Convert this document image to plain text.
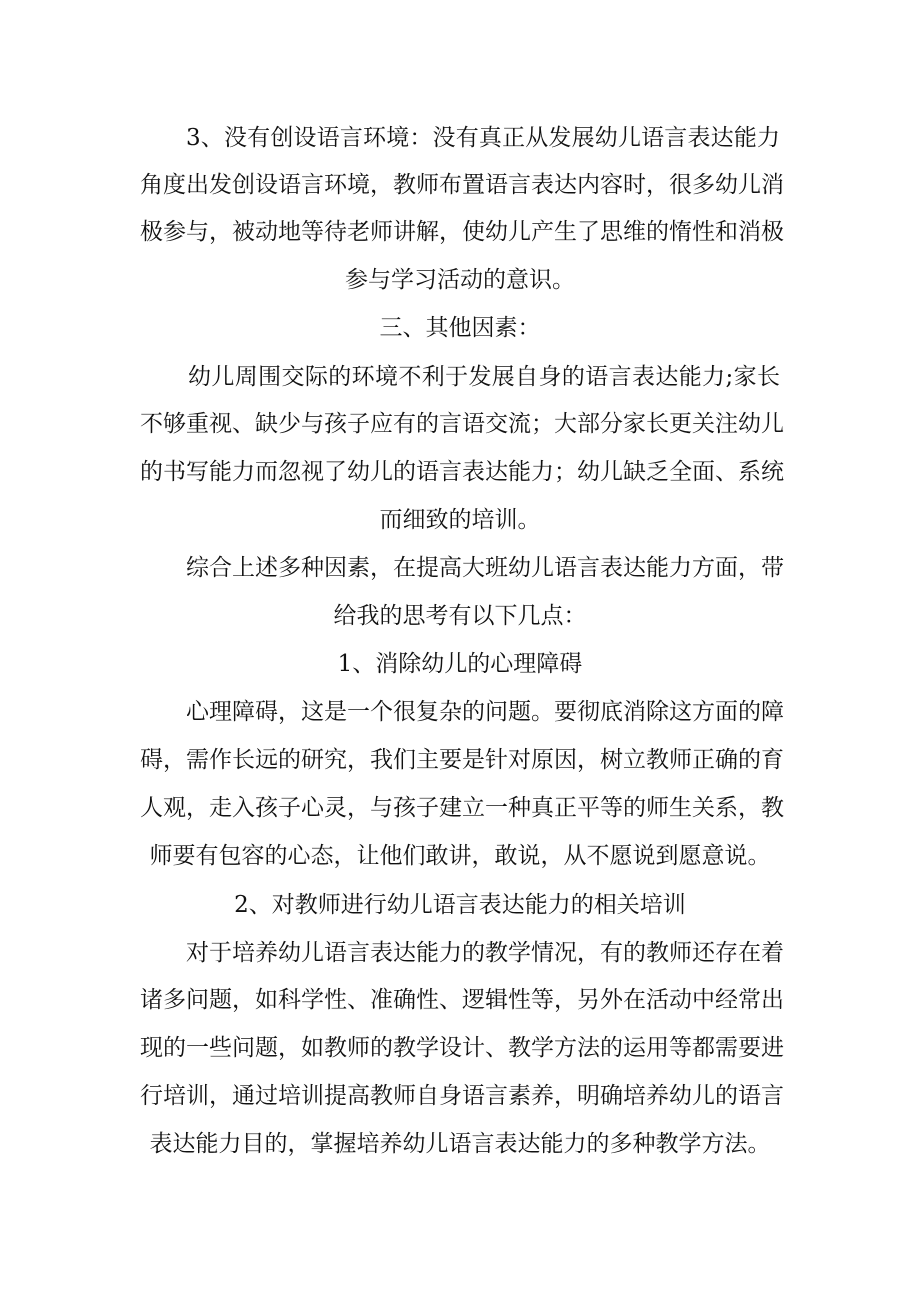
3、没有创设语言环境：没有真正从发展幼儿语言表达能力
角度出发创设语言环境，教师布置语言表达内容时，很多幼儿消
极参与，被动地等待老师讲解，使幼儿产生了思维的惰性和消极
参与学习活动的意识。
三、其他因素：
幼儿周围交际的环境不利于发展自身的语言表达能力;家长
不够重视、缺少与孩子应有的言语交流；大部分家长更关注幼儿
的书写能力而忽视了幼儿的语言表达能力；幼儿缺乏全面、系统
而细致的培训。
综合上述多种因素，在提高大班幼儿语言表达能力方面，带
给我的思考有以下几点：
1、消除幼儿的心理障碍
心理障碍，这是一个很复杂的问题。要彻底消除这方面的障
碍，需作长远的研究，我们主要是针对原因，树立教师正确的育
人观，走入孩子心灵，与孩子建立一种真正平等的师生关系，教
师要有包容的心态，让他们敢讲，敢说，从不愿说到愿意说。
2、对教师进行幼儿语言表达能力的相关培训
对于培养幼儿语言表达能力的教学情况，有的教师还存在着
诸多问题，如科学性、准确性、逻辑性等，另外在活动中经常出
现的一些问题，如教师的教学设计、教学方法的运用等都需要进
行培训，通过培训提高教师自身语言素养，明确培养幼儿的语言
表达能力目的，掌握培养幼儿语言表达能力的多种教学方法。
